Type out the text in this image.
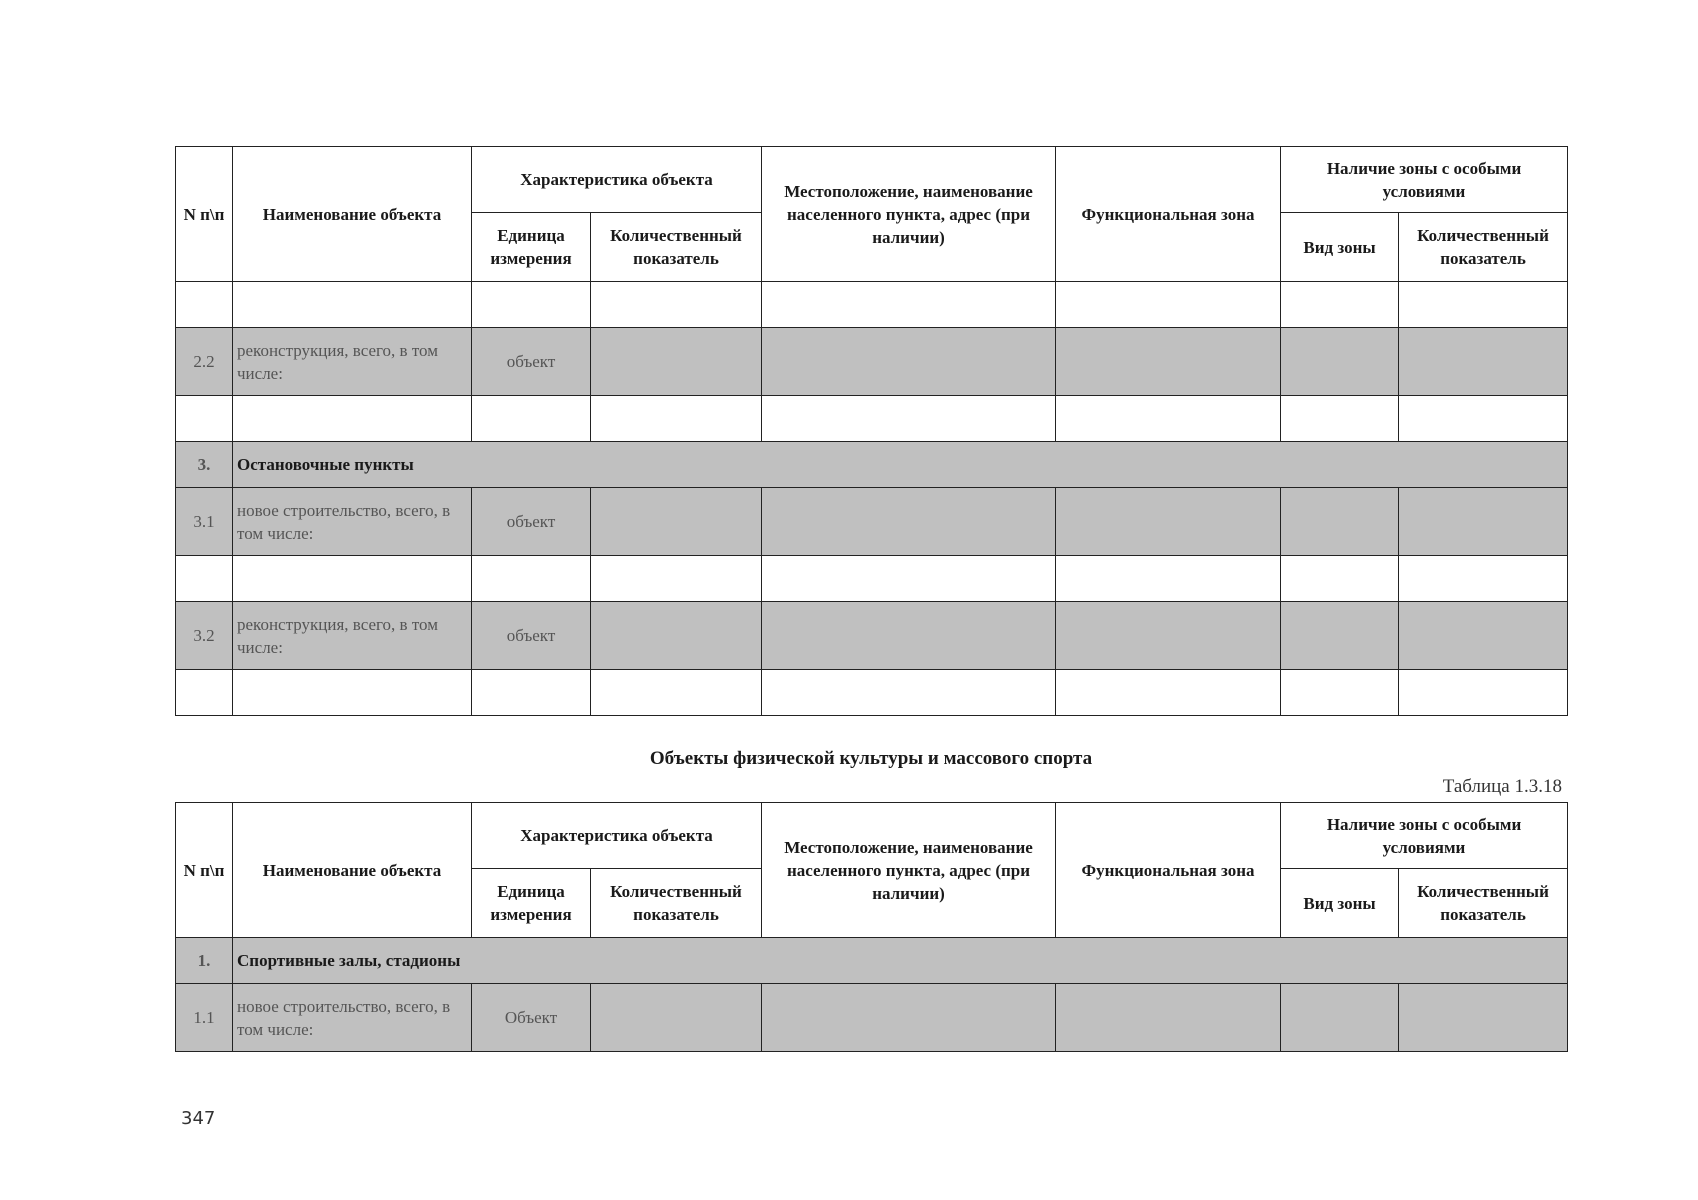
N п\п	Наименование объекта	Характеристика объекта		Местоположение, наименование населенного пункта, адрес (при наличии)	Функциональная зона	Наличие зоны с особыми условиями	
		Единица измерения	Количественный показатель			Вид зоны	Количественный показатель

2.2	реконструкция, всего, в том числе:	объект					

3.	Остановочные пункты						
3.1	новое строительство, всего, в том числе:	объект					

3.2	реконструкция, всего, в том числе:	объект					

Объекты физической культуры и массового спорта
Таблица 1.3.18
N п\п	Наименование объекта	Характеристика объекта		Местоположение, наименование населенного пункта, адрес (при наличии)	Функциональная зона	Наличие зоны с особыми условиями	
		Единица измерения	Количественный показатель			Вид зоны	Количественный показатель
1.	Спортивные залы, стадионы						
1.1	новое строительство, всего, в том числе:	Объект					
347
